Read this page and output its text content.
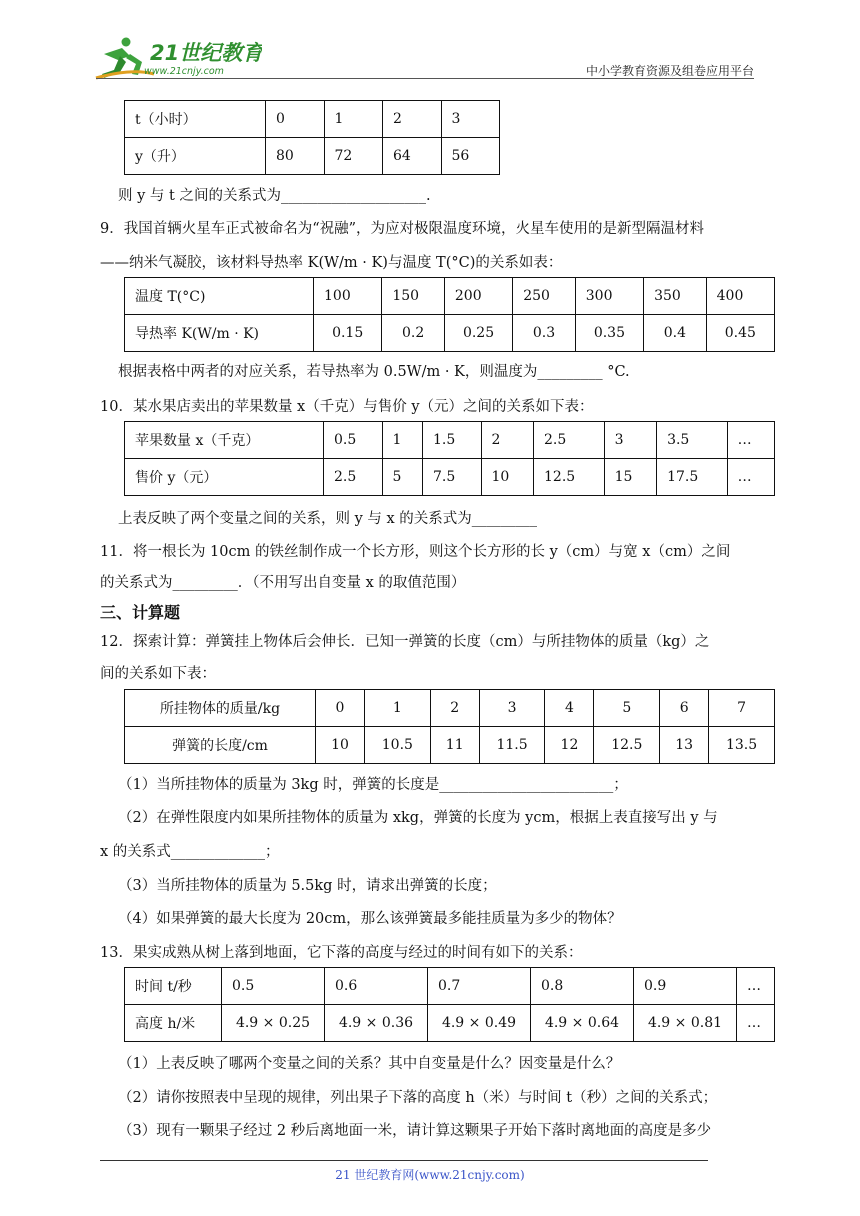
21世纪教育
www.21cnjy.com	中小学教育资源及组卷应用平台
t（小时）	0	1	2	3
y（升）	80	72	64	56
则 y 与 t 之间的关系式为____________________.
9．我国首辆火星车正式被命名为“祝融”，为应对极限温度环境，火星车使用的是新型隔温材料
——纳米气凝胶，该材料导热率 K(W/m · K)与温度 T(°C)的关系如表：
温度 T(°C)	100	150	200	250	300	350	400
导热率 K(W/m · K)	0.15	0.2	0.25	0.3	0.35	0.4	0.45
根据表格中两者的对应关系，若导热率为 0.5W/m · K，则温度为_________ °C.
10．某水果店卖出的苹果数量 x（千克）与售价 y（元）之间的关系如下表：
苹果数量 x（千克）	0.5	1	1.5	2	2.5	3	3.5	…
售价 y（元）	2.5	5	7.5	10	12.5	15	17.5	…
上表反映了两个变量之间的关系，则 y 与 x 的关系式为_________
11．将一根长为 10cm 的铁丝制作成一个长方形，则这个长方形的长 y（cm）与宽 x（cm）之间
的关系式为_________．（不用写出自变量 x 的取值范围）
三、计算题
12．探索计算：弹簧挂上物体后会伸长．已知一弹簧的长度（cm）与所挂物体的质量（kg）之
间的关系如下表：
所挂物体的质量/kg	0	1	2	3	4	5	6	7
弹簧的长度/cm	10	10.5	11	11.5	12	12.5	13	13.5
（1）当所挂物体的质量为 3kg 时，弹簧的长度是________________________；
（2）在弹性限度内如果所挂物体的质量为 xkg，弹簧的长度为 ycm，根据上表直接写出 y 与
x 的关系式_____________；
（3）当所挂物体的质量为 5.5kg 时，请求出弹簧的长度；
（4）如果弹簧的最大长度为 20cm，那么该弹簧最多能挂质量为多少的物体？
13．果实成熟从树上落到地面，它下落的高度与经过的时间有如下的关系：
时间 t/秒	0.5	0.6	0.7	0.8	0.9	…
高度 h/米	4.9 × 0.25	4.9 × 0.36	4.9 × 0.49	4.9 × 0.64	4.9 × 0.81	…
（1）上表反映了哪两个变量之间的关系？其中自变量是什么？因变量是什么？
（2）请你按照表中呈现的规律，列出果子下落的高度 h（米）与时间 t（秒）之间的关系式；
（3）现有一颗果子经过 2 秒后离地面一米，请计算这颗果子开始下落时离地面的高度是多少
21 世纪教育网(www.21cnjy.com)
